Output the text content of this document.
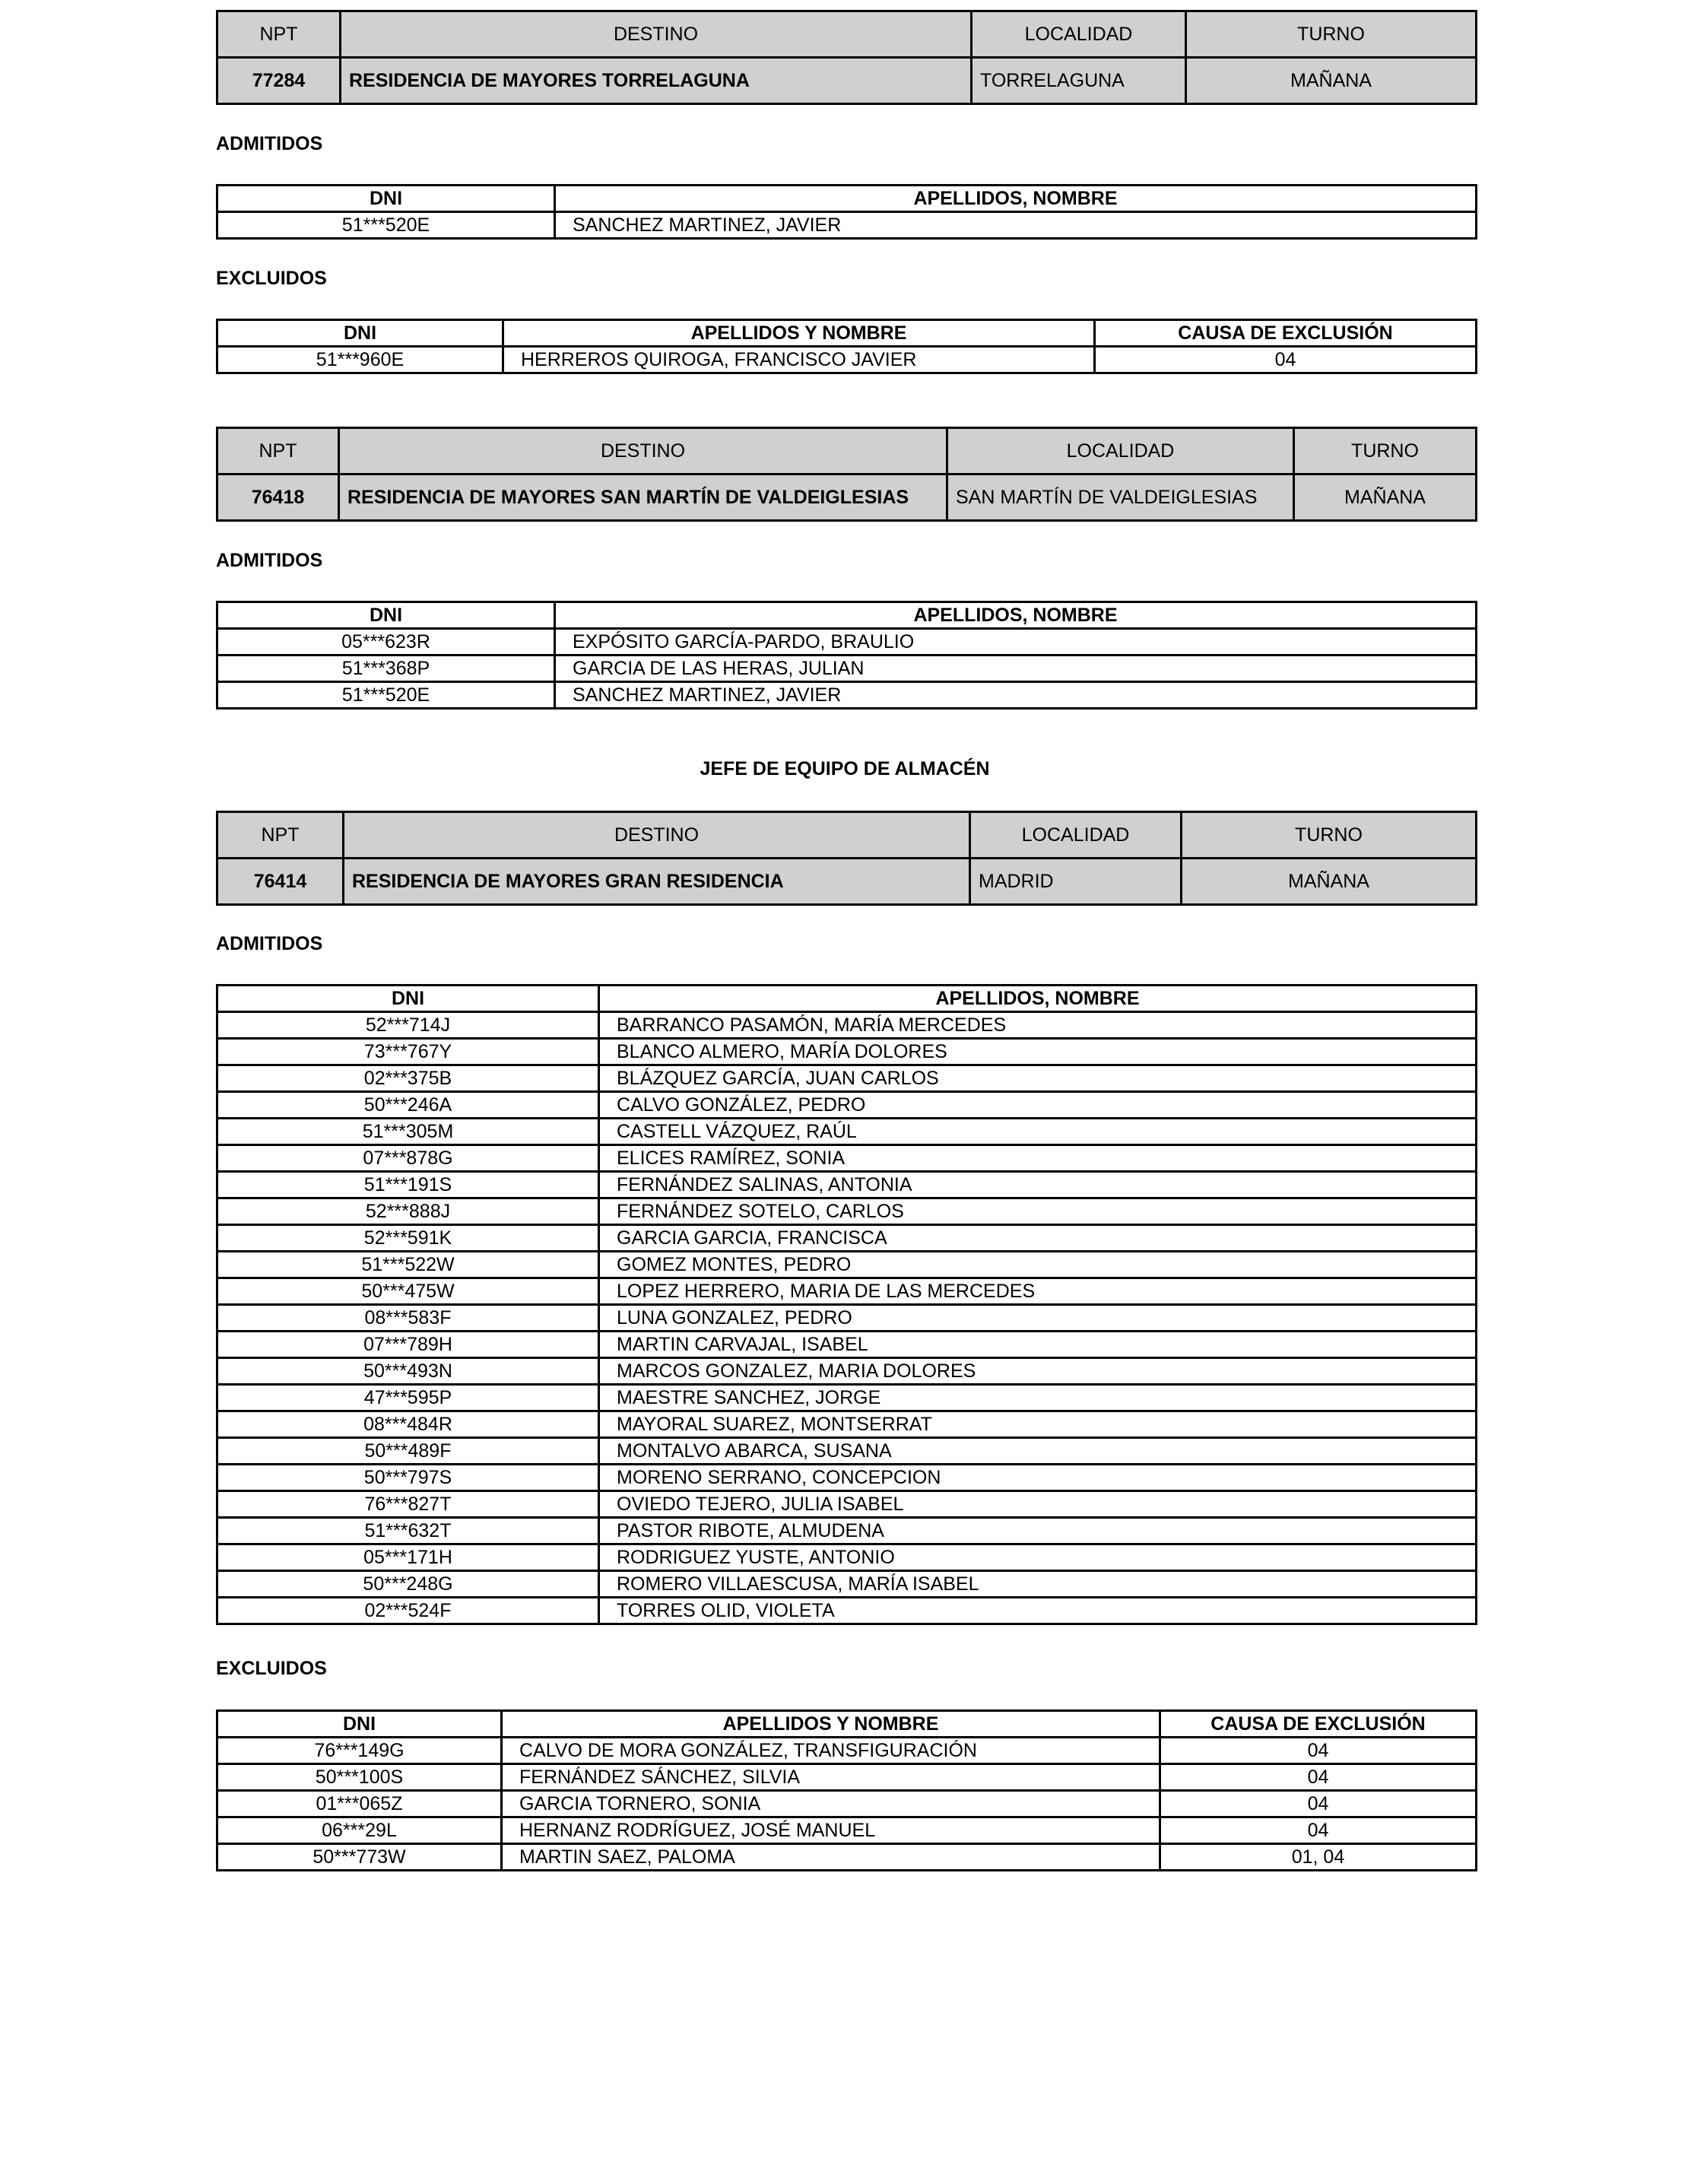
NPT	DESTINO	LOCALIDAD	TURNO
77284	RESIDENCIA DE MAYORES TORRELAGUNA	TORRELAGUNA	MAÑANA
ADMITIDOS
DNI	APELLIDOS, NOMBRE
51***520E	SANCHEZ MARTINEZ, JAVIER
EXCLUIDOS
DNI	APELLIDOS Y NOMBRE	CAUSA DE EXCLUSIÓN
51***960E	HERREROS QUIROGA, FRANCISCO JAVIER	04
NPT	DESTINO	LOCALIDAD	TURNO
76418	RESIDENCIA DE MAYORES SAN MARTÍN DE VALDEIGLESIAS	SAN MARTÍN DE VALDEIGLESIAS	MAÑANA
ADMITIDOS
DNI	APELLIDOS, NOMBRE
05***623R	EXPÓSITO GARCÍA-PARDO, BRAULIO
51***368P	GARCIA DE LAS HERAS, JULIAN
51***520E	SANCHEZ MARTINEZ, JAVIER
JEFE DE EQUIPO DE ALMACÉN
NPT	DESTINO	LOCALIDAD	TURNO
76414	RESIDENCIA DE MAYORES GRAN RESIDENCIA	MADRID	MAÑANA
ADMITIDOS
DNI	APELLIDOS, NOMBRE
52***714J	BARRANCO PASAMÓN, MARÍA MERCEDES
73***767Y	BLANCO ALMERO, MARÍA DOLORES
02***375B	BLÁZQUEZ GARCÍA, JUAN CARLOS
50***246A	CALVO GONZÁLEZ, PEDRO
51***305M	CASTELL VÁZQUEZ, RAÚL
07***878G	ELICES RAMÍREZ, SONIA
51***191S	FERNÁNDEZ SALINAS, ANTONIA
52***888J	FERNÁNDEZ SOTELO, CARLOS
52***591K	GARCIA GARCIA, FRANCISCA
51***522W	GOMEZ MONTES, PEDRO
50***475W	LOPEZ HERRERO, MARIA DE LAS MERCEDES
08***583F	LUNA GONZALEZ, PEDRO
07***789H	MARTIN CARVAJAL, ISABEL
50***493N	MARCOS GONZALEZ, MARIA DOLORES
47***595P	MAESTRE SANCHEZ, JORGE
08***484R	MAYORAL SUAREZ, MONTSERRAT
50***489F	MONTALVO ABARCA, SUSANA
50***797S	MORENO SERRANO, CONCEPCION
76***827T	OVIEDO TEJERO, JULIA ISABEL
51***632T	PASTOR RIBOTE, ALMUDENA
05***171H	RODRIGUEZ YUSTE, ANTONIO
50***248G	ROMERO VILLAESCUSA, MARÍA ISABEL
02***524F	TORRES OLID, VIOLETA
EXCLUIDOS
DNI	APELLIDOS Y NOMBRE	CAUSA DE EXCLUSIÓN
76***149G	CALVO DE MORA GONZÁLEZ, TRANSFIGURACIÓN	04
50***100S	FERNÁNDEZ SÁNCHEZ, SILVIA	04
01***065Z	GARCIA TORNERO, SONIA	04
06***29L	HERNANZ RODRÍGUEZ, JOSÉ MANUEL	04
50***773W	MARTIN SAEZ, PALOMA	01, 04
